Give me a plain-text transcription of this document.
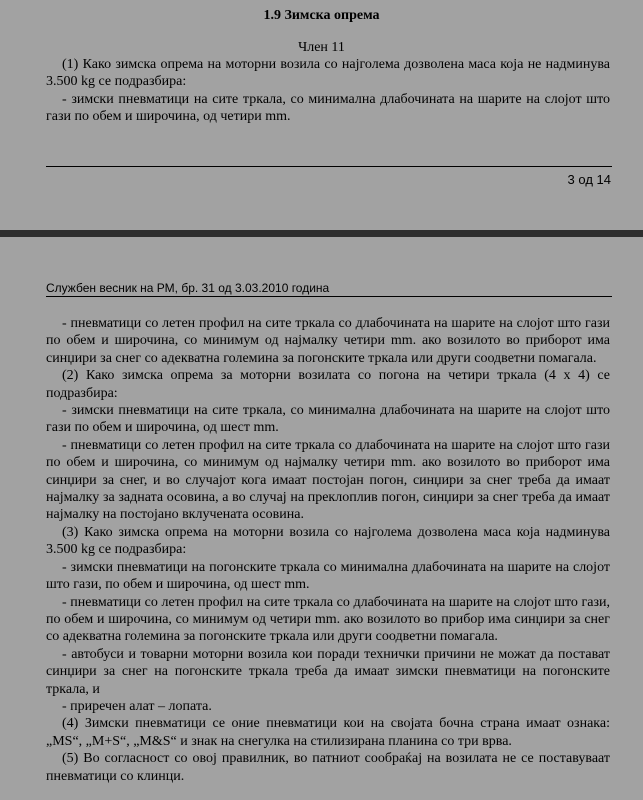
1.9 Зимска опрема
Член 11

(1) Како зимска опрема на моторни возила со најголема дозволена маса која не надминува 3.500 kg се подразбира:

- зимски пневматици на сите тркала, со минимална длабочината на шарите на слојот што гази по обем и широчина, од четири mm.

3 од 14
Службен весник на РМ, бр. 31 од 3.03.2010 година

- пневматици со летен профил на сите тркала со длабочината на шарите на слојот што гази по обем и широчина, со минимум од најмалку четири mm. ако возилото во приборот има синџири за снег со адекватна големина за погонските тркала или други соодветни помагала.

(2) Како зимска опрема за моторни возилата со погона на четири тркала (4 x 4) се подразбира:

- зимски пневматици на сите тркала, со минимална длабочината на шарите на слојот што гази по обем и широчина, од шест mm.

- пневматици со летен профил на сите тркала со длабочината на шарите на слојот што гази по обем и широчина, со минимум од најмалку четири mm. ако возилото во приборот има синџири за снег, и во случајот кога имаат постојан погон, синџири за снег треба да имаат најмалку за задната осовина, а во случај на преклоплив погон, синџири за снег треба да имаат најмалку на постојано вклучената осовина.

(3) Како зимска опрема на моторни возила со најголема дозволена маса која надминува 3.500 kg се подразбира:

- зимски пневматици на погонските тркала со минимална длабочината на шарите на слојот што гази, по обем и широчина, од шест mm.

- пневматици со летен профил на сите тркала со длабочината на шарите на слојот што гази, по обем и широчина, со минимум од четири mm. ако возилото во прибор има синџири за снег со адекватна големина за погонските тркала или други соодветни помагала.

- автобуси и товарни моторни возила кои поради технички причини не можат да постават синџири за снег на погонските тркала треба да имаат зимски пневматици на погонските тркала, и

- приречен алат – лопата.

(4) Зимски пневматици се оние пневматици кои на својата бочна страна имаат ознака: „MS“, „M+S“, „M&S“ и знак на снегулка на стилизирана планина со три врва.

(5) Во согласност со овој правилник, во патниот сообраќај на возилата не се поставуваат пневматици со клинци.
